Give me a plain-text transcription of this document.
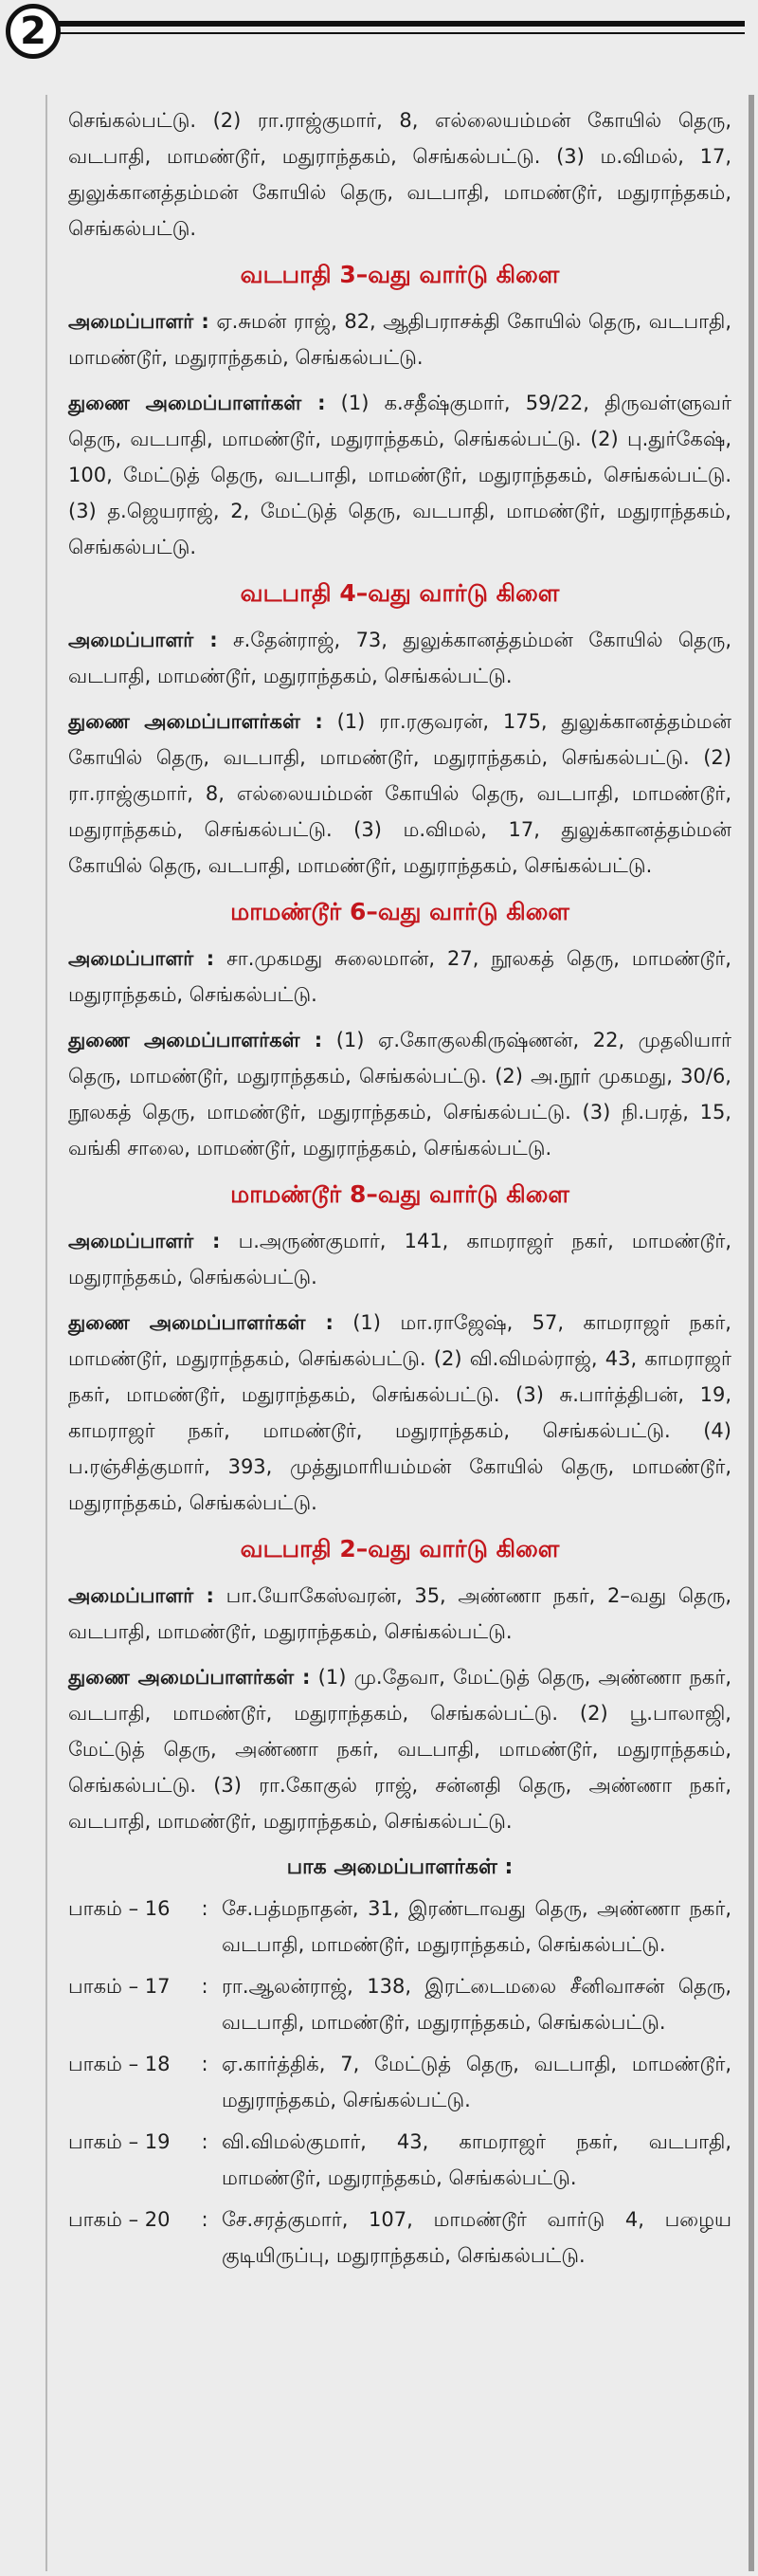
2

செங்கல்பட்டு. (2) ரா.ராஜ்குமார், 8, எல்லையம்மன் கோயில் தெரு, வடபாதி, மாமண்டூர், மதுராந்தகம், செங்கல்பட்டு. (3) ம.விமல், 17, துலுக்கானத்தம்மன் கோயில் தெரு, வடபாதி, மாமண்டூர், மதுராந்தகம், செங்கல்பட்டு.

வடபாதி 3–வது வார்டு கிளை

அமைப்பாளர் : ஏ.சுமன் ராஜ், 82, ஆதிபராசக்தி கோயில் தெரு, வடபாதி, மாமண்டூர், மதுராந்தகம், செங்கல்பட்டு.

துணை அமைப்பாளர்கள் : (1) க.சதீஷ்குமார், 59/22, திருவள்ளுவர் தெரு, வடபாதி, மாமண்டூர், மதுராந்தகம், செங்கல்பட்டு. (2) பு.துர்கேஷ், 100, மேட்டுத் தெரு, வடபாதி, மாமண்டூர், மதுராந்தகம், செங்கல்பட்டு. (3) த.ஜெயராஜ், 2, மேட்டுத் தெரு, வடபாதி, மாமண்டூர், மதுராந்தகம், செங்கல்பட்டு.

வடபாதி 4–வது வார்டு கிளை

அமைப்பாளர் : ச.தேன்ராஜ், 73, துலுக்கானத்தம்மன் கோயில் தெரு, வடபாதி, மாமண்டூர், மதுராந்தகம், செங்கல்பட்டு.

துணை அமைப்பாளர்கள் : (1) ரா.ரகுவரன், 175, துலுக்கானத்தம்மன் கோயில் தெரு, வடபாதி, மாமண்டூர், மதுராந்தகம், செங்கல்பட்டு. (2) ரா.ராஜ்குமார், 8, எல்லையம்மன் கோயில் தெரு, வடபாதி, மாமண்டூர், மதுராந்தகம், செங்கல்பட்டு. (3) ம.விமல், 17, துலுக்கானத்தம்மன் கோயில் தெரு, வடபாதி, மாமண்டூர், மதுராந்தகம், செங்கல்பட்டு.

மாமண்டூர் 6–வது வார்டு கிளை

அமைப்பாளர் : சா.முகமது சுலைமான், 27, நூலகத் தெரு, மாமண்டூர், மதுராந்தகம், செங்கல்பட்டு.

துணை அமைப்பாளர்கள் : (1) ஏ.கோகுலகிருஷ்ணன், 22, முதலியார் தெரு, மாமண்டூர், மதுராந்தகம், செங்கல்பட்டு. (2) அ.நூர் முகமது, 30/6, நூலகத் தெரு, மாமண்டூர், மதுராந்தகம், செங்கல்பட்டு. (3) நி.பரத், 15, வங்கி சாலை, மாமண்டூர், மதுராந்தகம், செங்கல்பட்டு.

மாமண்டூர் 8–வது வார்டு கிளை

அமைப்பாளர் : ப.அருண்குமார், 141, காமராஜர் நகர், மாமண்டூர், மதுராந்தகம், செங்கல்பட்டு.

துணை அமைப்பாளர்கள் : (1) மா.ராஜேஷ், 57, காமராஜர் நகர், மாமண்டூர், மதுராந்தகம், செங்கல்பட்டு. (2) வி.விமல்ராஜ், 43, காமராஜர் நகர், மாமண்டூர், மதுராந்தகம், செங்கல்பட்டு. (3) சு.பார்த்திபன், 19, காமராஜர் நகர், மாமண்டூர், மதுராந்தகம், செங்கல்பட்டு. (4) ப.ரஞ்சித்குமார், 393, முத்துமாரியம்மன் கோயில் தெரு, மாமண்டூர், மதுராந்தகம், செங்கல்பட்டு.

வடபாதி 2–வது வார்டு கிளை

அமைப்பாளர் : பா.யோகேஸ்வரன், 35, அண்ணா நகர், 2–வது தெரு, வடபாதி, மாமண்டூர், மதுராந்தகம், செங்கல்பட்டு.

துணை அமைப்பாளர்கள் : (1) மு.தேவா, மேட்டுத் தெரு, அண்ணா நகர், வடபாதி, மாமண்டூர், மதுராந்தகம், செங்கல்பட்டு. (2) பூ.பாலாஜி, மேட்டுத் தெரு, அண்ணா நகர், வடபாதி, மாமண்டூர், மதுராந்தகம், செங்கல்பட்டு. (3) ரா.கோகுல் ராஜ், சன்னதி தெரு, அண்ணா நகர், வடபாதி, மாமண்டூர், மதுராந்தகம், செங்கல்பட்டு.

பாக அமைப்பாளர்கள் :
பாகம் – 16	: சே.பத்மநாதன், 31, இரண்டாவது தெரு, அண்ணா நகர், வடபாதி, மாமண்டூர், மதுராந்தகம், செங்கல்பட்டு.
பாகம் – 17	: ரா.ஆலன்ராஜ், 138, இரட்டைமலை சீனிவாசன் தெரு, வடபாதி, மாமண்டூர், மதுராந்தகம், செங்கல்பட்டு.
பாகம் – 18	: ஏ.கார்த்திக், 7, மேட்டுத் தெரு, வடபாதி, மாமண்டூர், மதுராந்தகம், செங்கல்பட்டு.
பாகம் – 19	: வி.விமல்குமார், 43, காமராஜர் நகர், வடபாதி, மாமண்டூர், மதுராந்தகம், செங்கல்பட்டு.
பாகம் – 20	: சே.சரத்குமார், 107, மாமண்டூர் வார்டு 4, பழைய குடியிருப்பு, மதுராந்தகம், செங்கல்பட்டு.
